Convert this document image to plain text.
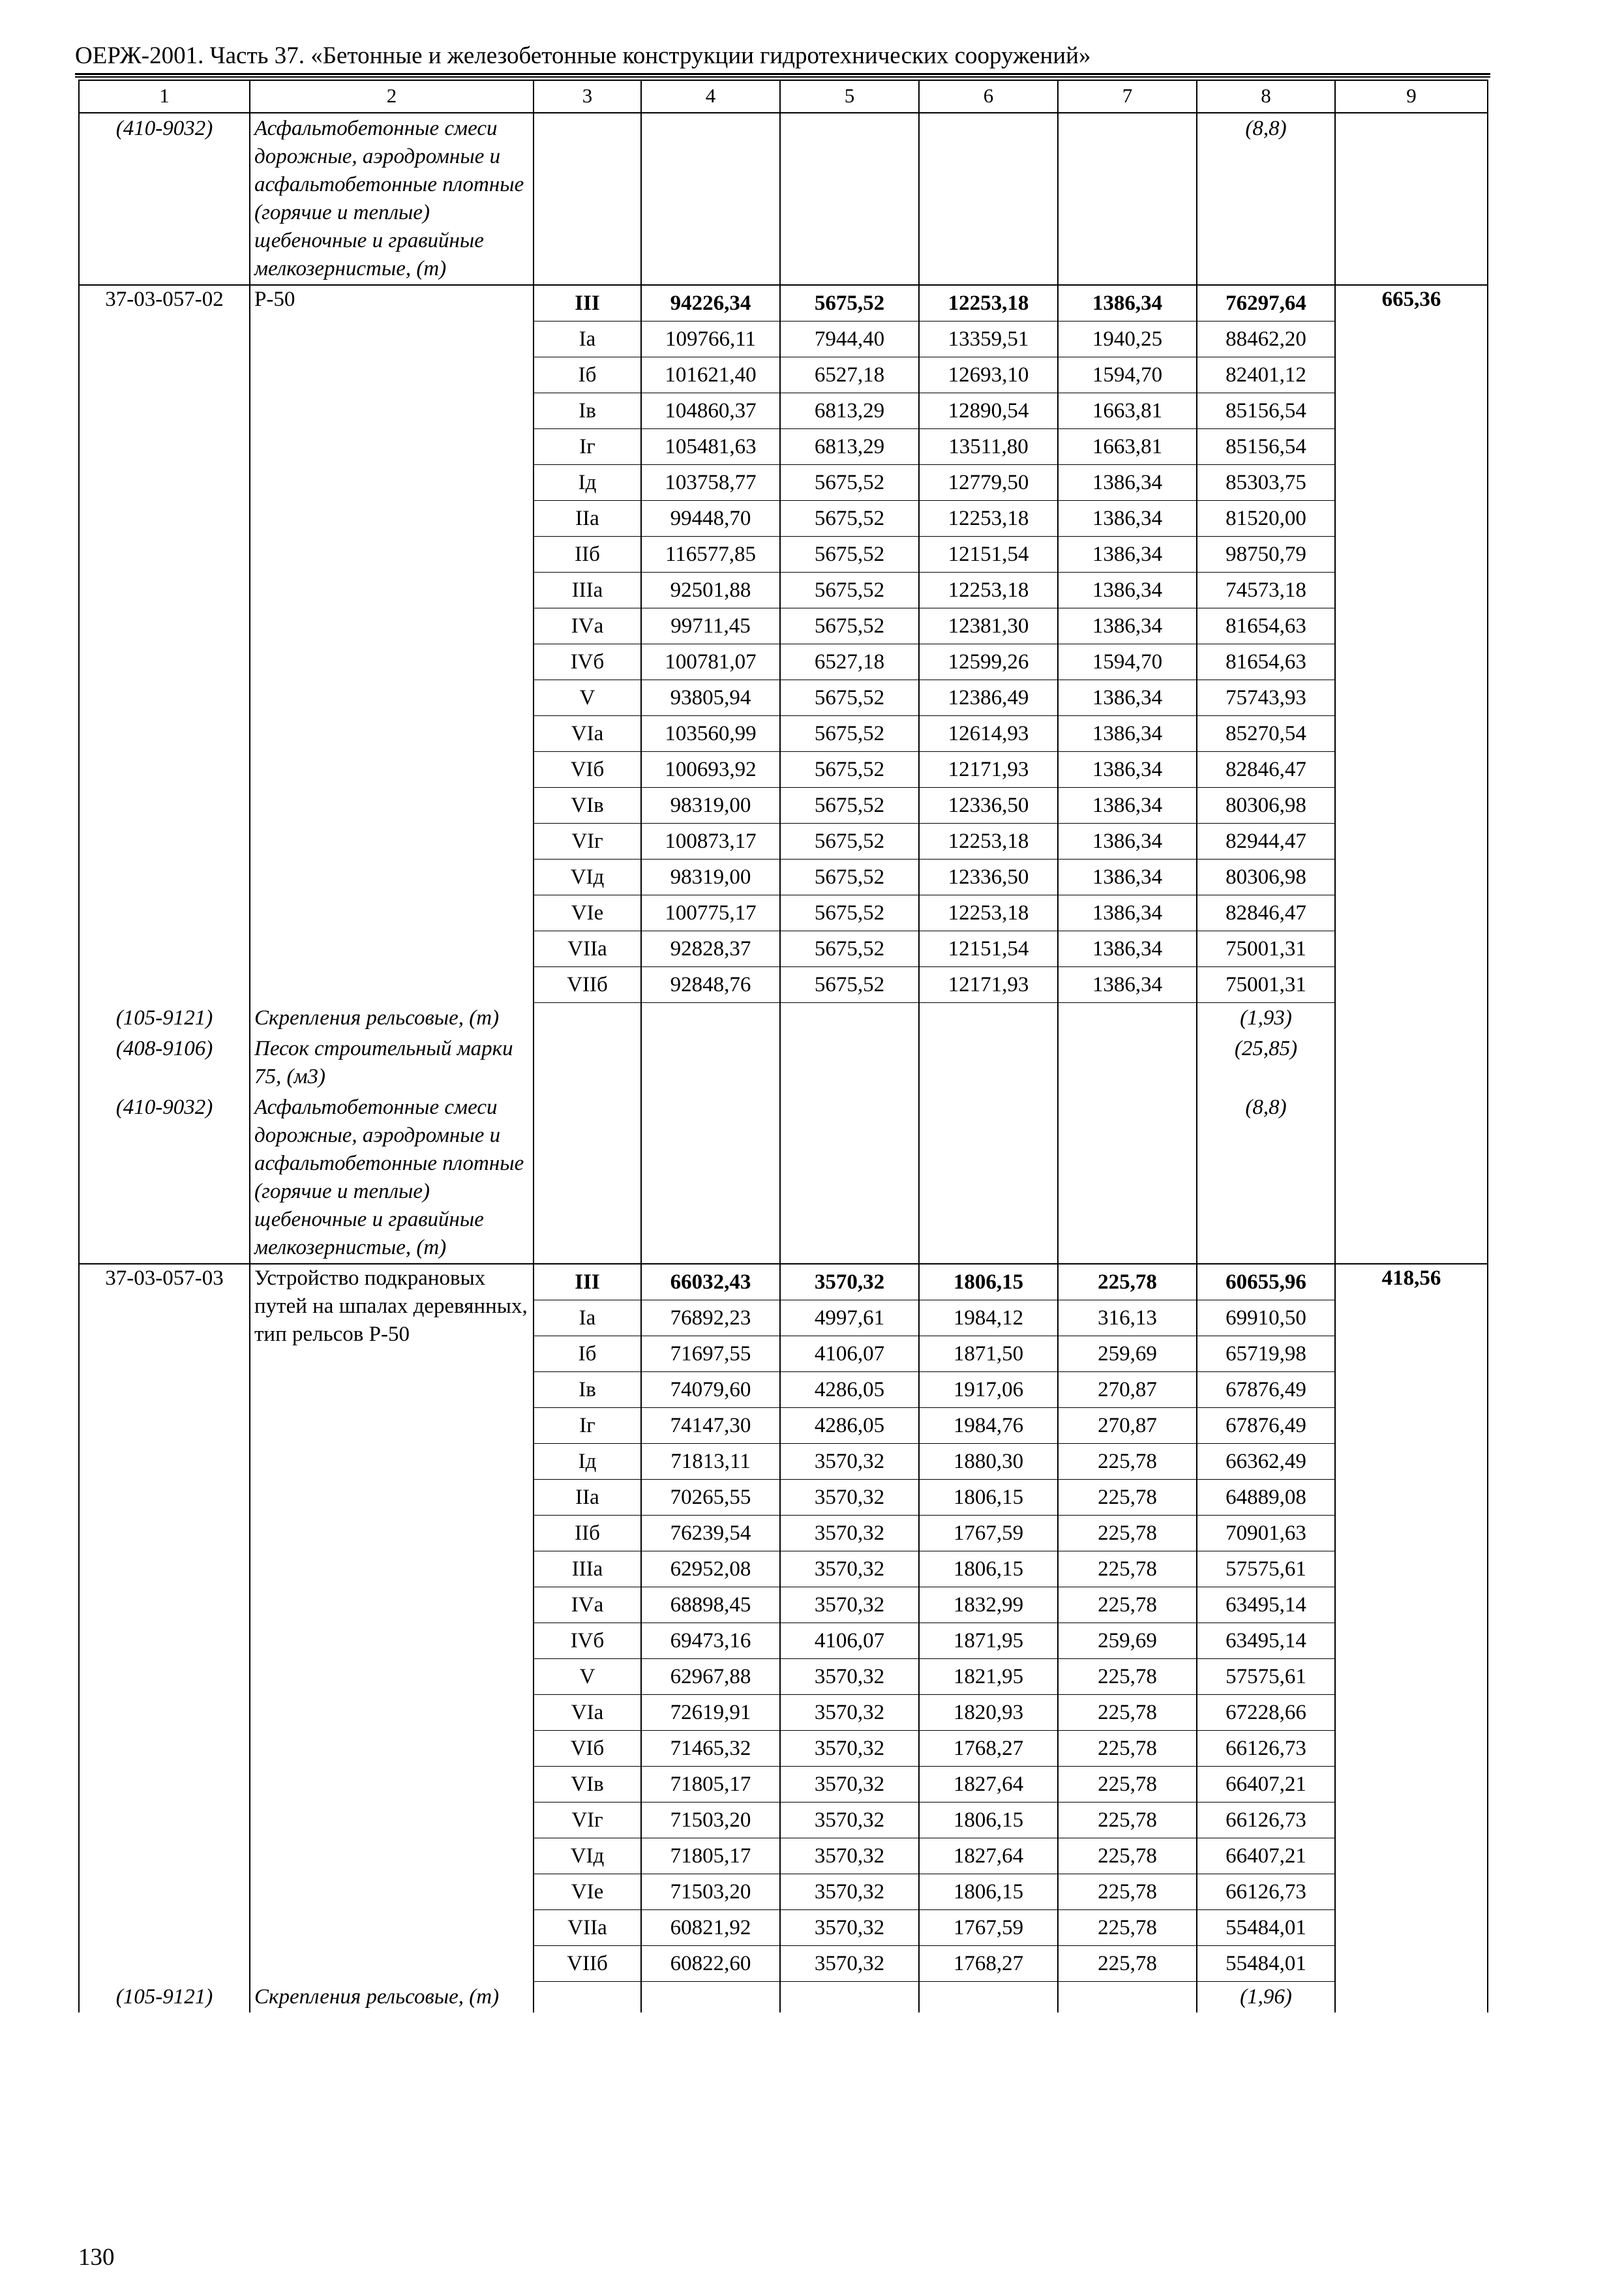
ОЕРЖ-2001. Часть 37. «Бетонные и железобетонные конструкции гидротехнических сооружений»
1	2	3	4	5	6	7	8	9
(410-9032)	Асфальтобетонные смеси дорожные, аэродромные и асфальтобетонные плотные (горячие и теплые) щебеночные и гравийные мелкозернистые, (т)						(8,8)	
37-03-057-02	Р-50	III	94226,34	5675,52	12253,18	1386,34	76297,64	665,36
		Iа	109766,11	7944,40	13359,51	1940,25	88462,20	
		Iб	101621,40	6527,18	12693,10	1594,70	82401,12	
		Iв	104860,37	6813,29	12890,54	1663,81	85156,54	
		Iг	105481,63	6813,29	13511,80	1663,81	85156,54	
		Iд	103758,77	5675,52	12779,50	1386,34	85303,75	
		IIа	99448,70	5675,52	12253,18	1386,34	81520,00	
		IIб	116577,85	5675,52	12151,54	1386,34	98750,79	
		IIIа	92501,88	5675,52	12253,18	1386,34	74573,18	
		IVа	99711,45	5675,52	12381,30	1386,34	81654,63	
		IVб	100781,07	6527,18	12599,26	1594,70	81654,63	
		V	93805,94	5675,52	12386,49	1386,34	75743,93	
		VIа	103560,99	5675,52	12614,93	1386,34	85270,54	
		VIб	100693,92	5675,52	12171,93	1386,34	82846,47	
		VIв	98319,00	5675,52	12336,50	1386,34	80306,98	
		VIг	100873,17	5675,52	12253,18	1386,34	82944,47	
		VIд	98319,00	5675,52	12336,50	1386,34	80306,98	
		VIе	100775,17	5675,52	12253,18	1386,34	82846,47	
		VIIа	92828,37	5675,52	12151,54	1386,34	75001,31	
		VIIб	92848,76	5675,52	12171,93	1386,34	75001,31	
(105-9121)	Скрепления рельсовые, (т)						(1,93)	
(408-9106)	Песок строительный марки 75, (м3)						(25,85)	
(410-9032)	Асфальтобетонные смеси дорожные, аэродромные и асфальтобетонные плотные (горячие и теплые) щебеночные и гравийные мелкозернистые, (т)						(8,8)	
37-03-057-03	Устройство подкрановых путей на шпалах деревянных, тип рельсов Р-50	III	66032,43	3570,32	1806,15	225,78	60655,96	418,56
		Iа	76892,23	4997,61	1984,12	316,13	69910,50	
		Iб	71697,55	4106,07	1871,50	259,69	65719,98	
		Iв	74079,60	4286,05	1917,06	270,87	67876,49	
		Iг	74147,30	4286,05	1984,76	270,87	67876,49	
		Iд	71813,11	3570,32	1880,30	225,78	66362,49	
		IIа	70265,55	3570,32	1806,15	225,78	64889,08	
		IIб	76239,54	3570,32	1767,59	225,78	70901,63	
		IIIа	62952,08	3570,32	1806,15	225,78	57575,61	
		IVа	68898,45	3570,32	1832,99	225,78	63495,14	
		IVб	69473,16	4106,07	1871,95	259,69	63495,14	
		V	62967,88	3570,32	1821,95	225,78	57575,61	
		VIа	72619,91	3570,32	1820,93	225,78	67228,66	
		VIб	71465,32	3570,32	1768,27	225,78	66126,73	
		VIв	71805,17	3570,32	1827,64	225,78	66407,21	
		VIг	71503,20	3570,32	1806,15	225,78	66126,73	
		VIд	71805,17	3570,32	1827,64	225,78	66407,21	
		VIе	71503,20	3570,32	1806,15	225,78	66126,73	
		VIIа	60821,92	3570,32	1767,59	225,78	55484,01	
		VIIб	60822,60	3570,32	1768,27	225,78	55484,01	
(105-9121)	Скрепления рельсовые, (т)						(1,96)	
130
